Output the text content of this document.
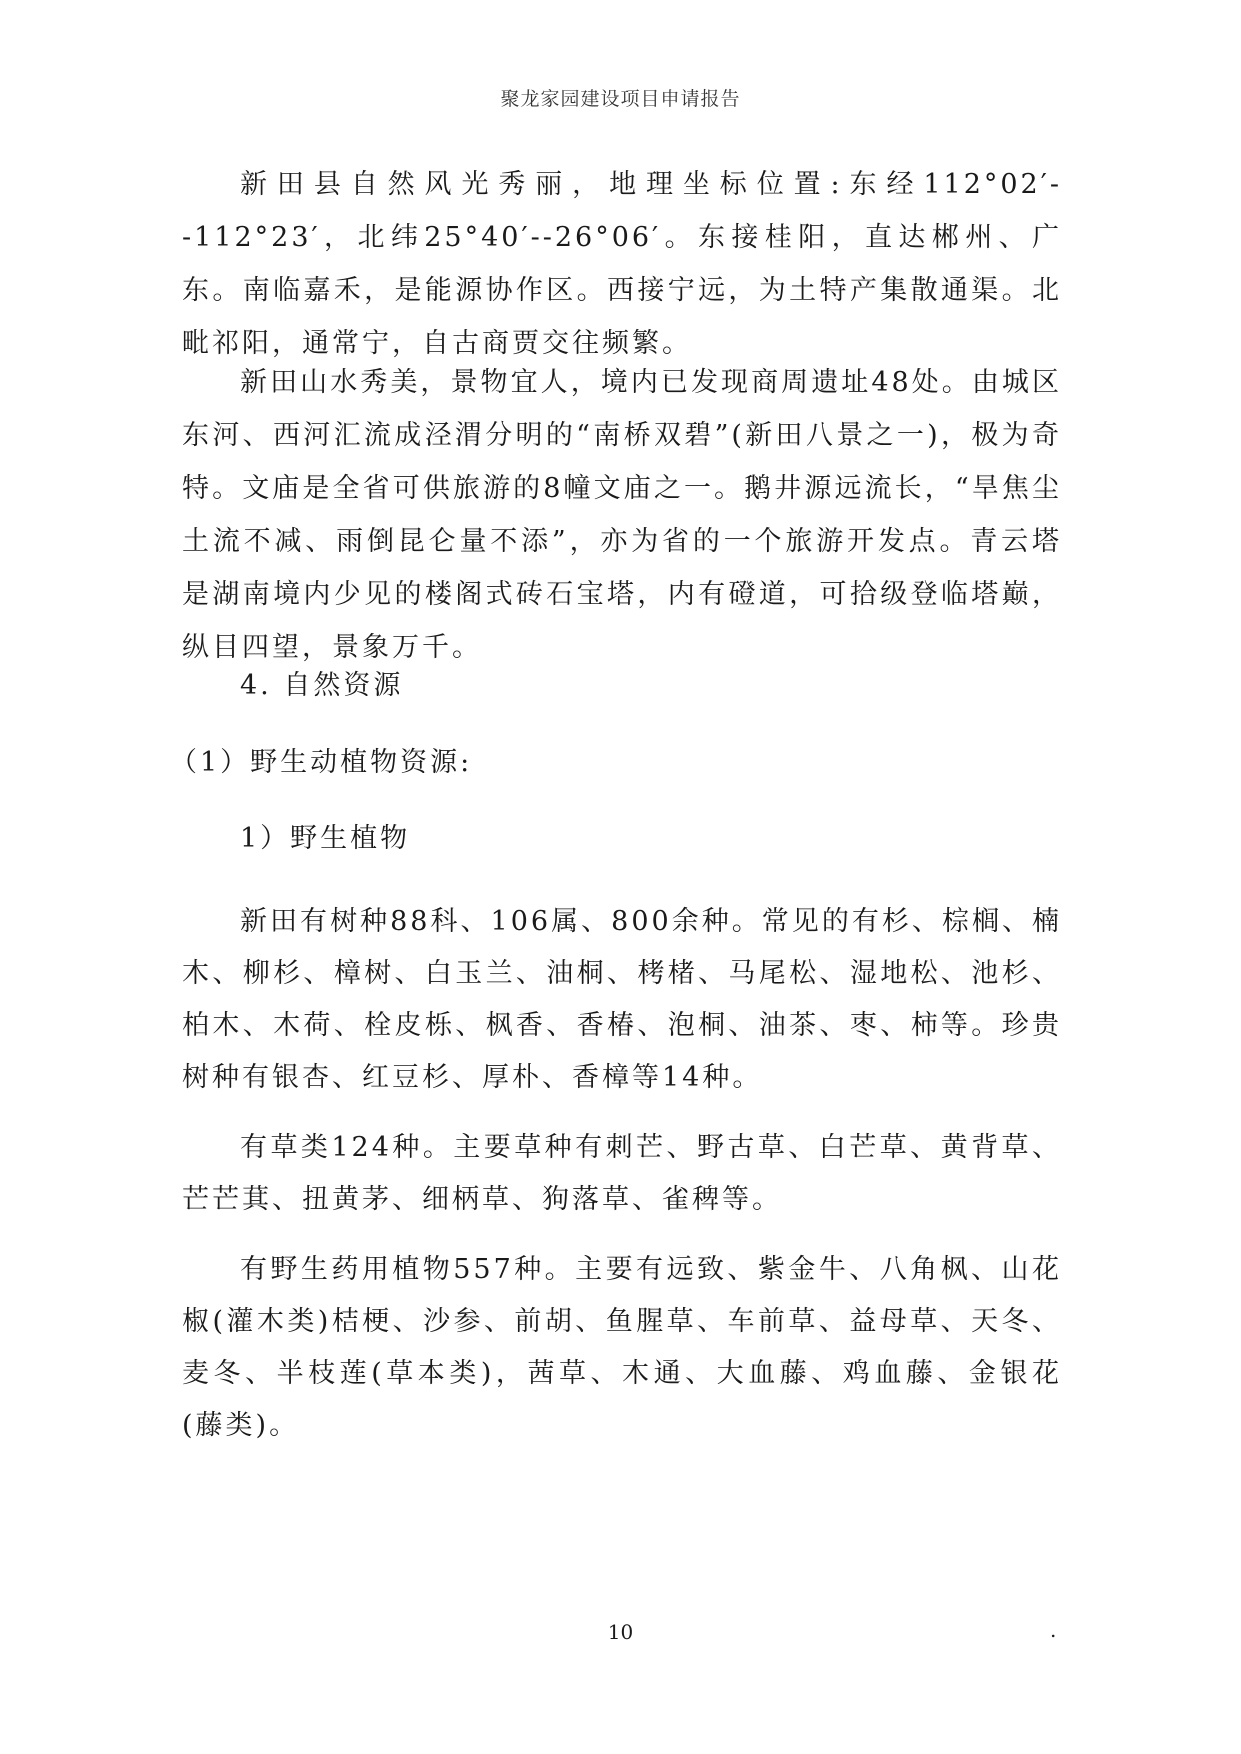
聚龙家园建设项目申请报告

新田县自然风光秀丽，地理坐标位置:东经112°02′--112°23′，北纬25°40′--26°06′。东接桂阳，直达郴州、广东。南临嘉禾，是能源协作区。西接宁远，为土特产集散通渠。北毗祁阳，通常宁，自古商贾交往频繁。

新田山水秀美，景物宜人，境内已发现商周遗址48处。由城区东河、西河汇流成泾渭分明的“南桥双碧”(新田八景之一)，极为奇特。文庙是全省可供旅游的8幢文庙之一。鹅井源远流长，“旱焦尘土流不减、雨倒昆仑量不添”，亦为省的一个旅游开发点。青云塔是湖南境内少见的楼阁式砖石宝塔，内有磴道，可拾级登临塔巅，纵目四望，景象万千。

4. 自然资源

（1）野生动植物资源:

1）野生植物

新田有树种88科、106属、800余种。常见的有杉、棕榈、楠木、柳杉、樟树、白玉兰、油桐、栲楮、马尾松、湿地松、池杉、柏木、木荷、栓皮栎、枫香、香椿、泡桐、油茶、枣、柿等。珍贵树种有银杏、红豆杉、厚朴、香樟等14种。

有草类124种。主要草种有刺芒、野古草、白芒草、黄背草、芒芒萁、扭黄茅、细柄草、狗落草、雀稗等。

有野生药用植物557种。主要有远致、紫金牛、八角枫、山花椒(灌木类)桔梗、沙参、前胡、鱼腥草、车前草、益母草、天冬、麦冬、半枝莲(草本类)，茜草、木通、大血藤、鸡血藤、金银花(藤类)。

10	.
